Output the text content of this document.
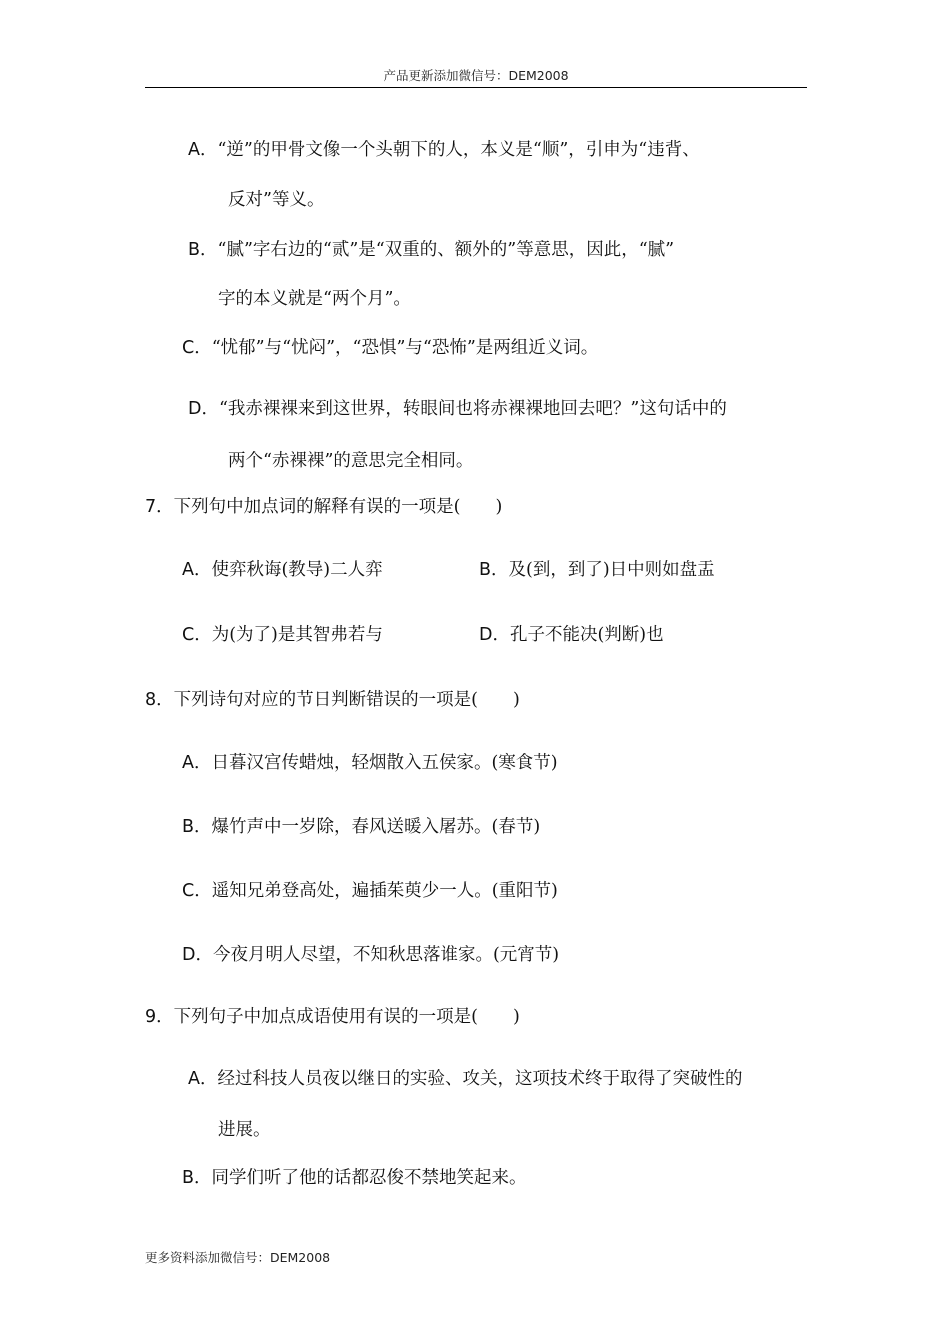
产品更新添加微信号：DEM2008
A．“逆”的甲骨文像一个头朝下的人，本义是“顺”，引申为“违背、
反对”等义。
B．“腻”字右边的“贰”是“双重的、额外的”等意思，因此，“腻”
字的本义就是“两个月”。
C．“忧郁”与“忧闷”，“恐惧”与“恐怖”是两组近义词。
D．“我赤裸裸来到这世界，转眼间也将赤裸裸地回去吧？”这句话中的
两个“赤裸裸”的意思完全相同。
7．下列句中加点词的解释有误的一项是(　　)
A．使弈秋诲(教导)二人弈	B．及(到，到了)日中则如盘盂
C．为(为了)是其智弗若与	D．孔子不能决(判断)也
8．下列诗句对应的节日判断错误的一项是(　　)
A．日暮汉宫传蜡烛，轻烟散入五侯家。(寒食节)
B．爆竹声中一岁除，春风送暖入屠苏。(春节)
C．遥知兄弟登高处，遍插茱萸少一人。(重阳节)
D．今夜月明人尽望，不知秋思落谁家。(元宵节)
9．下列句子中加点成语使用有误的一项是(　　)
A．经过科技人员夜以继日的实验、攻关，这项技术终于取得了突破性的
进展。
B．同学们听了他的话都忍俊不禁地笑起来。
更多资料添加微信号：DEM2008
